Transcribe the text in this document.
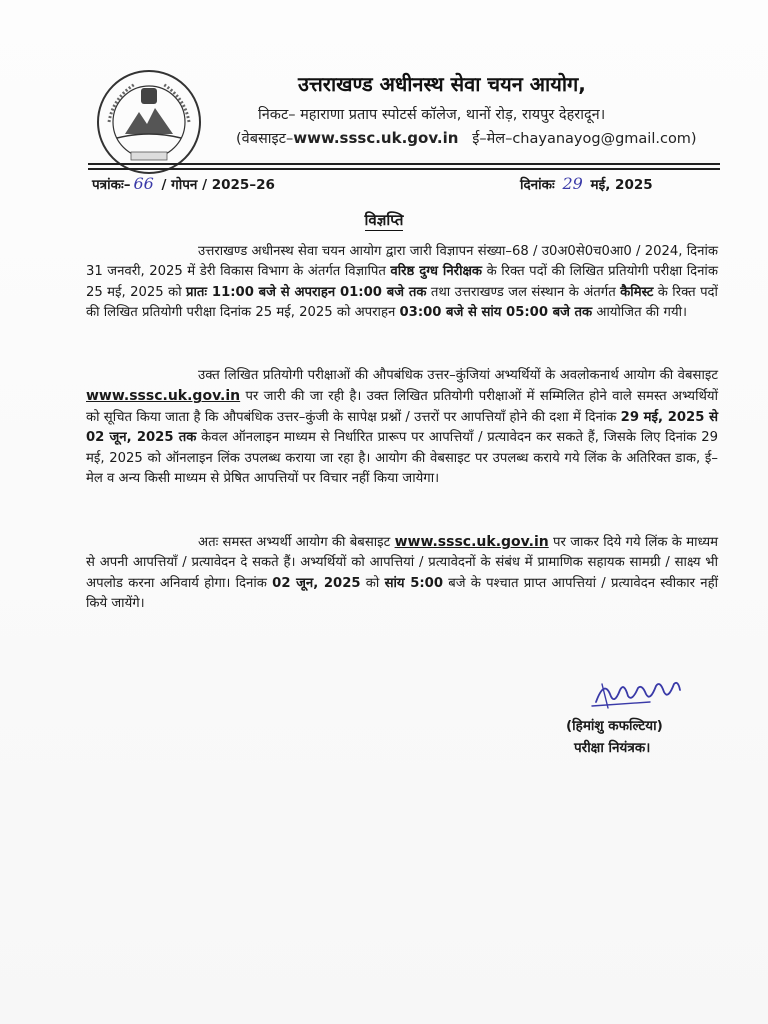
उत्तराखण्ड अधीनस्थ सेवा चयन आयोग,
निकट– महाराणा प्रताप स्पोटर्स कॉलेज, थानों रोड़, रायपुर देहरादून।
(वेबसाइट–www.sssc.uk.gov.in ई–मेल–chayanayog@gmail.com)
पत्रांकः– 66 / गोपन / 2025–26	दिनांकः 29 मई, 2025
विज्ञप्ति
उत्तराखण्ड अधीनस्थ सेवा चयन आयोग द्वारा जारी विज्ञापन संख्या–68 / उ0अ0से0च0आ0 / 2024, दिनांक 31 जनवरी, 2025 में डेरी विकास विभाग के अंतर्गत विज्ञापित वरिष्ठ दुग्ध निरीक्षक के रिक्त पदों की लिखित प्रतियोगी परीक्षा दिनांक 25 मई, 2025 को प्रातः 11:00 बजे से अपराहन 01:00 बजे तक तथा उत्तराखण्ड जल संस्थान के अंतर्गत कैमिस्ट के रिक्त पदों की लिखित प्रतियोगी परीक्षा दिनांक 25 मई, 2025 को अपराहन 03:00 बजे से सांय 05:00 बजे तक आयोजित की गयी।
उक्त लिखित प्रतियोगी परीक्षाओं की औपबंधिक उत्तर–कुंजियां अभ्यर्थियों के अवलोकनार्थ आयोग की वेबसाइट www.sssc.uk.gov.in पर जारी की जा रही है। उक्त लिखित प्रतियोगी परीक्षाओं में सम्मिलित होने वाले समस्त अभ्यर्थियों को सूचित किया जाता है कि औपबंधिक उत्तर–कुंजी के सापेक्ष प्रश्नों / उत्तरों पर आपत्तियाँ होने की दशा में दिनांक 29 मई, 2025 से 02 जून, 2025 तक केवल ऑनलाइन माध्यम से निर्धारित प्रारूप पर आपत्तियाँ / प्रत्यावेदन कर सकते हैं, जिसके लिए दिनांक 29 मई, 2025 को ऑनलाइन लिंक उपलब्ध कराया जा रहा है। आयोग की वेबसाइट पर उपलब्ध कराये गये लिंक के अतिरिक्त डाक, ई–मेल व अन्य किसी माध्यम से प्रेषित आपत्तियों पर विचार नहीं किया जायेगा।
अतः समस्त अभ्यर्थी आयोग की बेबसाइट www.sssc.uk.gov.in पर जाकर दिये गये लिंक के माध्यम से अपनी आपत्तियाँ / प्रत्यावेदन दे सकते हैं। अभ्यर्थियों को आपत्तियां / प्रत्यावेदनों के संबंध में प्रामाणिक सहायक सामग्री / साक्ष्य भी अपलोड करना अनिवार्य होगा। दिनांक 02 जून, 2025 को सांय 5:00 बजे के पश्चात प्राप्त आपत्तियां / प्रत्यावेदन स्वीकार नहीं किये जायेंगे।
(हिमांशु कफल्टिया)
परीक्षा नियंत्रक।
